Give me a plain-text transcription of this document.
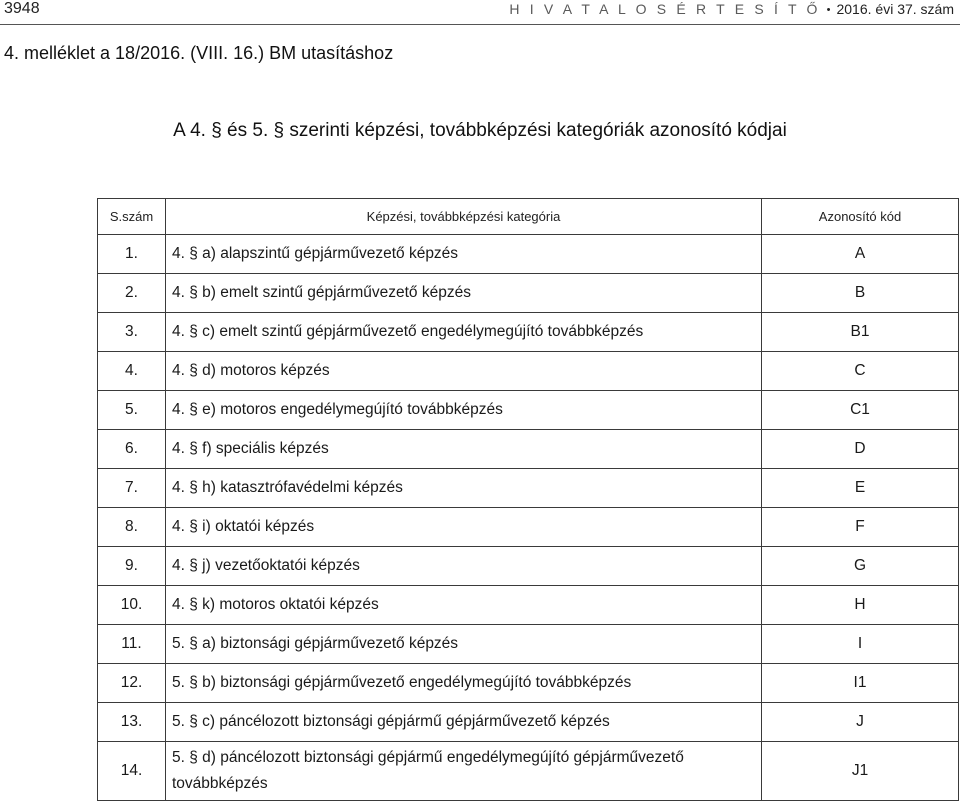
3948	H I V A T A L O S É R T E S Í T Ő • 2016. évi 37. szám
4. melléklet a 18/2016. (VIII. 16.) BM utasításhoz
A 4. § és 5. § szerinti képzési, továbbképzési kategóriák azonosító kódjai
S.szám	Képzési, továbbképzési kategória	Azonosító kód
1.	4. § a) alapszintű gépjárművezető képzés	A
2.	4. § b) emelt szintű gépjárművezető képzés	B
3.	4. § c) emelt szintű gépjárművezető engedélymegújító továbbképzés	B1
4.	4. § d) motoros képzés	C
5.	4. § e) motoros engedélymegújító továbbképzés	C1
6.	4. § f) speciális képzés	D
7.	4. § h) katasztrófavédelmi képzés	E
8.	4. § i) oktatói képzés	F
9.	4. § j) vezetőoktatói képzés	G
10.	4. § k) motoros oktatói képzés	H
11.	5. § a) biztonsági gépjárművezető képzés	I
12.	5. § b) biztonsági gépjárművezető engedélymegújító továbbképzés	I1
13.	5. § c) páncélozott biztonsági gépjármű gépjárművezető képzés	J
14.	5. § d) páncélozott biztonsági gépjármű engedélymegújító gépjárművezető továbbképzés	J1
